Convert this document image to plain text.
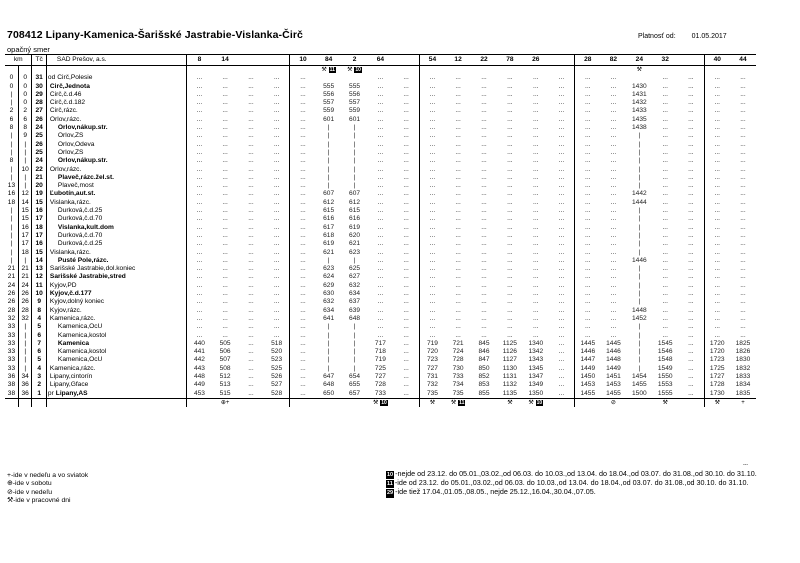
708412 Lipany-Kamenica-Šarišské Jastrabie-Vislanka-Čirč	Platnosť od: 01.05.2017
opačný smer
km		Tč	SAD Prešov, a.s.	8	14			10	84	2	64		54	12	22	78	26		28	82	24	32		40	44
									⚒ 11	⚒ 10											⚒				
0	0	31	od Čirč,Polesie	...	...	...	...	...			...	...	...	...	...	...	...	...	...	...		...	...	...	...
0	0	30	Čirč,Jednota	...	...	...	...	...	555	555	...	...	...	...	...	...	...	...	...	...	1430	...	...	...	...
|	0	29	Čirč,č.d.46	...	...	...	...	...	556	556	...	...	...	...	...	...	...	...	...	...	1431	...	...	...	...
|	0	28	Čirč,č.d.182	...	...	...	...	...	557	557	...	...	...	...	...	...	...	...	...	...	1432	...	...	...	...
2	2	27	Čirč,rázc.	...	...	...	...	...	559	559	...	...	...	...	...	...	...	...	...	...	1433	...	...	...	...
6	6	26	Orlov,rázc.	...	...	...	...	...	601	601	...	...	...	...	...	...	...	...	...	...	1435	...	...	...	...
8	8	24	Orlov,nákup.str.	...	...	...	...	...	|	|	...	...	...	...	...	...	...	...	...	...	1438	...	...	...	...
|	9	25	Orlov,ZS	...	...	...	...	...	|	|	...	...	...	...	...	...	...	...	...	...	|	...	...	...	...
|	|	26	Orlov,Odeva	...	...	...	...	...	|	|	...	...	...	...	...	...	...	...	...	...	|	...	...	...	...
|	|	25	Orlov,ZS	...	...	...	...	...	|	|	...	...	...	...	...	...	...	...	...	...	|	...	...	...	...
8	|	24	Orlov,nákup.str.	...	...	...	...	...	|	|	...	...	...	...	...	...	...	...	...	...	|	...	...	...	...
|	10	22	Orlov,rázc.	...	...	...	...	...	|	|	...	...	...	...	...	...	...	...	...	...	|	...	...	...	...
|	|	21	Plaveč,rázc.žel.st.	...	...	...	...	...	|	|	...	...	...	...	...	...	...	...	...	...	|	...	...	...	...
13	|	20	Plaveč,most	...	...	...	...	...	|	|	...	...	...	...	...	...	...	...	...	...	|	...	...	...	...
16	12	19	Ľubotín,aut.st.	...	...	...	...	...	607	607	...	...	...	...	...	...	...	...	...	...	1442	...	...	...	...
18	14	15	Vislanka,rázc.	...	...	...	...	...	612	612	...	...	...	...	...	...	...	...	...	...	1444	...	...	...	...
|	15	16	Ďurková,č.d.25	...	...	...	...	...	615	615	...	...	...	...	...	...	...	...	...	...	|	...	...	...	...
|	15	17	Ďurková,č.d.70	...	...	...	...	...	616	616	...	...	...	...	...	...	...	...	...	...	|	...	...	...	...
|	16	18	Vislanka,kult.dom	...	...	...	...	...	617	619	...	...	...	...	...	...	...	...	...	...	|	...	...	...	...
|	17	17	Ďurková,č.d.70	...	...	...	...	...	618	620	...	...	...	...	...	...	...	...	...	...	|	...	...	...	...
|	17	16	Ďurková,č.d.25	...	...	...	...	...	619	621	...	...	...	...	...	...	...	...	...	...	|	...	...	...	...
|	18	15	Vislanka,rázc.	...	...	...	...	...	621	623	...	...	...	...	...	...	...	...	...	...	|	...	...	...	...
|	|	14	Pusté Pole,rázc.	...	...	...	...	...	|	|	...	...	...	...	...	...	...	...	...	...	1446	...	...	...	...
21	21	13	Šarišské Jastrabie,dol.koniec	...	...	...	...	...	623	625	...	...	...	...	...	...	...	...	...	...	|	...	...	...	...
21	21	12	Šarišské Jastrabie,stred	...	...	...	...	...	624	627	...	...	...	...	...	...	...	...	...	...	|	...	...	...	...
24	24	11	Kyjov,PD	...	...	...	...	...	629	632	...	...	...	...	...	...	...	...	...	...	|	...	...	...	...
26	26	10	Kyjov,č.d.177	...	...	...	...	...	630	634	...	...	...	...	...	...	...	...	...	...	|	...	...	...	...
26	26	9	Kyjov,dolný koniec	...	...	...	...	...	632	637	...	...	...	...	...	...	...	...	...	...	|	...	...	...	...
28	28	8	Kyjov,rázc.	...	...	...	...	...	634	639	...	...	...	...	...	...	...	...	...	...	1448	...	...	...	...
32	32	4	Kamenica,rázc.	...	...	...	...	...	641	648	...	...	...	...	...	...	...	...	...	...	1452	...	...	...	...
33	|	5	Kamenica,OcÚ	...	...	...	...	...	|	|	...	...	...	...	...	...	...	...	...	...	|	...	...	...	...
33	|	6	Kamenica,kostol	...	...	...	...	...	|	|	...	...	...	...	...	...	...	...	...	...	|	...	...	...	...
33	|	7	Kamenica	440	505	...	518	...	|	|	717	...	719	721	845	1125	1340	...	1445	1445	|	1545	...	1720	1825
33	|	6	Kamenica,kostol	441	506	...	520	...	|	|	718	...	720	724	846	1126	1342	...	1446	1446	|	1546	...	1720	1826
33	|	5	Kamenica,OcÚ	442	507	...	523	...	|	|	719	...	723	728	847	1127	1343	...	1447	1448	|	1548	...	1723	1830
33	|	4	Kamenica,rázc.	443	508	...	525	...	|	|	725	...	727	730	850	1130	1345	...	1449	1449	|	1549	...	1725	1832
36	34	3	Lipany,cintorín	448	512	...	526	...	647	654	727	...	731	733	852	1131	1347	...	1450	1451	1454	1550	...	1727	1833
38	36	2	Lipany,Gface	449	513	...	527	...	648	655	728	...	732	734	853	1132	1349	...	1453	1453	1455	1553	...	1728	1834
38	36	1	pr Lipany,AS	453	515	...	528	...	650	657	733	...	735	735	855	1135	1350	...	1455	1455	1500	1555	...	1730	1835
					⊕+						⚒ 10		⚒	⚒ 11		⚒	⚒ 10			⊘		⚒		⚒	+
+-ide v nedeľu a vo sviatok
⊕-ide v sobotu
⊘-ide v nedeľu
⚒-ide v pracovné dni
10 -nejde od 23.12. do 05.01.,03.02.,od 06.03. do 10.03.,od 13.04. do 18.04.,od 03.07. do 31.08.,od 30.10. do 31.10.
11 -ide od 23.12. do 05.01.,03.02.,od 06.03. do 10.03.,od 13.04. do 18.04.,od 03.07. do 31.08.,od 30.10. do 31.10.
29 -ide tiež 17.04.,01.05.,08.05., nejde 25.12.,16.04.,30.04.,07.05.
---
